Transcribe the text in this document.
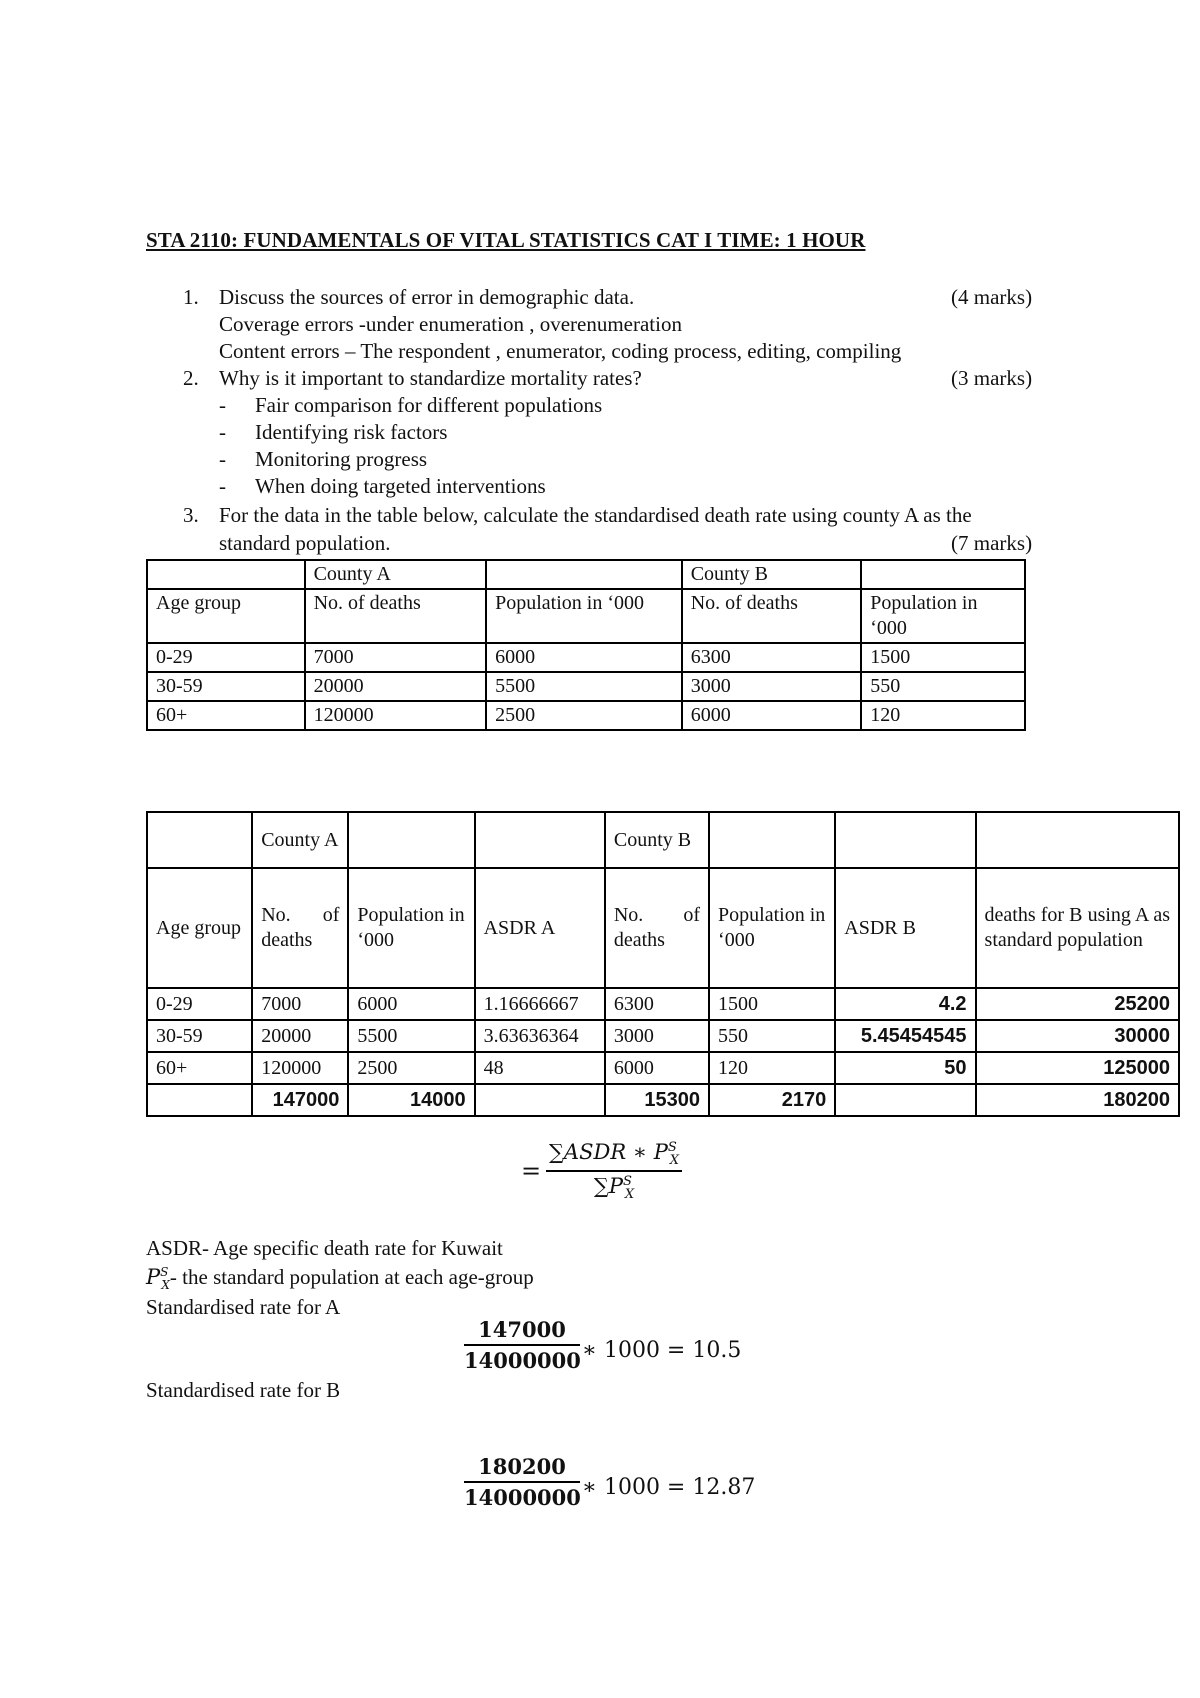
STA 2110: FUNDAMENTALS OF VITAL STATISTICS CAT I TIME: 1 HOUR
1. Discuss the sources of error in demographic data.	(4 marks)
Coverage errors -under enumeration , overenumeration
Content errors – The respondent , enumerator, coding process, editing, compiling
2. Why is it important to standardize mortality rates?	(3 marks)
- Fair comparison for different populations
- Identifying risk factors
- Monitoring progress
- When doing targeted interventions
3. For the data in the table below, calculate the standardised death rate using county A as the
standard population.	(7 marks)
	County A		County B	
Age group	No. of deaths	Population in ‘000	No. of deaths	Population in ‘000
0-29	7000	6000	6300	1500
30-59	20000	5500	3000	550
60+	120000	2500	6000	120
	County A			County B			
Age group	No. of deaths	Population in ‘000	ASDR A	No. of deaths	Population in ‘000	ASDR B	deaths for B using A as standard population
0-29	7000	6000	1.16666667	6300	1500	4.2	25200
30-59	20000	5500	3.63636364	3000	550	5.45454545	30000
60+	120000	2500	48	6000	120	50	125000
	147000	14000		15300	2170		180200
=
∑ASDR ∗ $P^S_X$
$\sum P^S_X$
ASDR- Age specific death rate for Kuwait
$P^S_X-$ the standard population at each age-group
Standardised rate for A
147000
14000000 ∗ 1000 = 10.5
Standardised rate for B
180200
14000000 ∗ 1000 = 12.87
